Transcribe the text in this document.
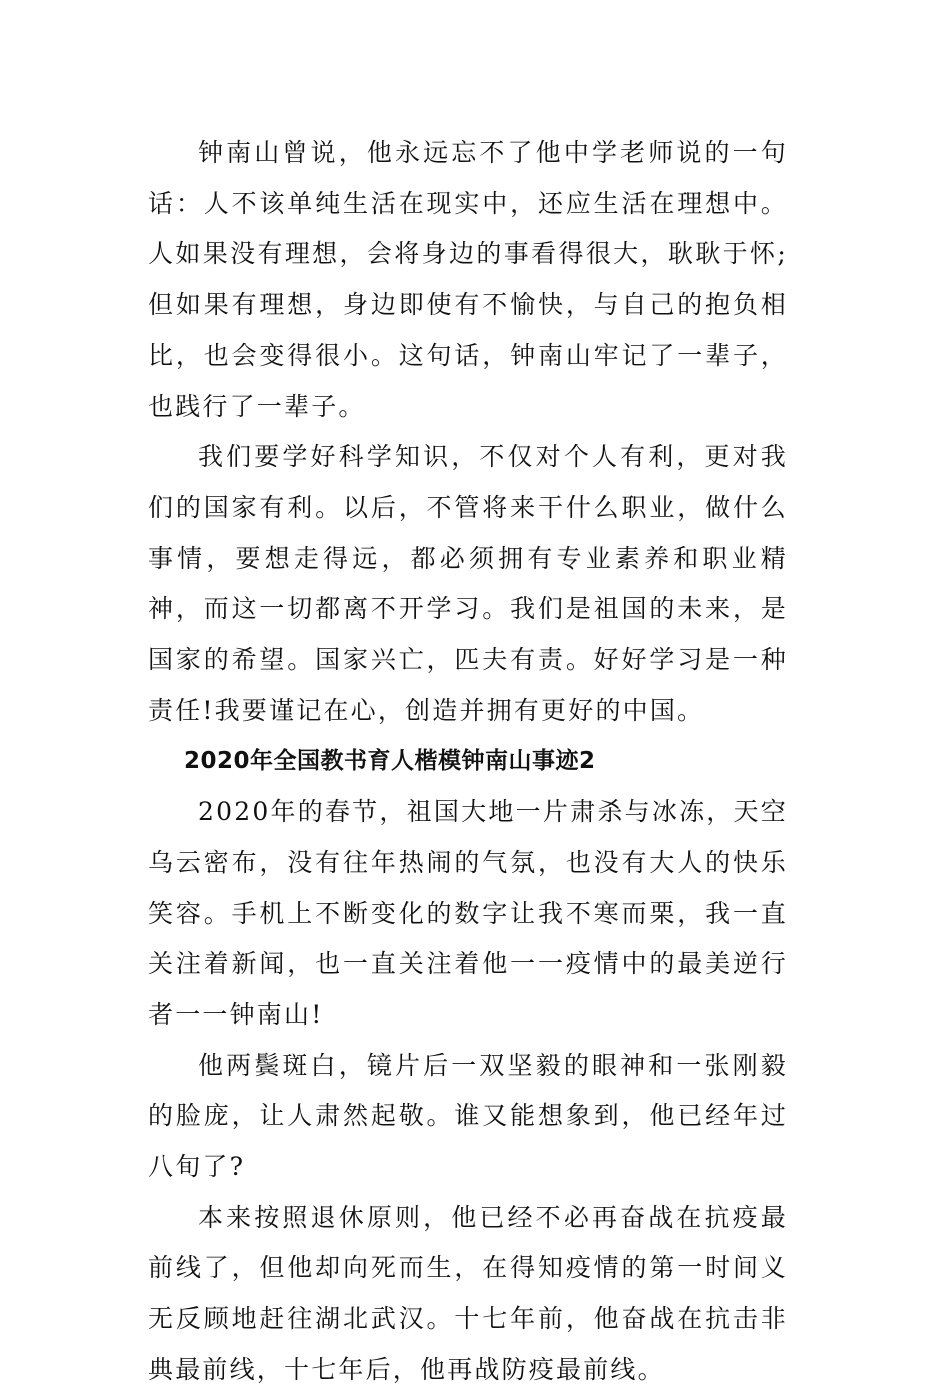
钟南山曾说，他永远忘不了他中学老师说的一句话：人不该单纯生活在现实中，还应生活在理想中。人如果没有理想，会将身边的事看得很大，耿耿于怀;但如果有理想，身边即使有不愉快，与自己的抱负相比，也会变得很小。这句话，钟南山牢记了一辈子，也践行了一辈子。

我们要学好科学知识，不仅对个人有利，更对我们的国家有利。以后，不管将来干什么职业，做什么事情，要想走得远，都必须拥有专业素养和职业精神，而这一切都离不开学习。我们是祖国的未来，是国家的希望。国家兴亡，匹夫有责。好好学习是一种责任!我要谨记在心，创造并拥有更好的中国。

2020年全国教书育人楷模钟南山事迹2

2020年的春节，祖国大地一片肃杀与冰冻，天空乌云密布，没有往年热闹的气氛，也没有大人的快乐笑容。手机上不断变化的数字让我不寒而栗，我一直关注着新闻，也一直关注着他一一疫情中的最美逆行者一一钟南山!

他两鬓斑白，镜片后一双坚毅的眼神和一张刚毅的脸庞，让人肃然起敬。谁又能想象到，他已经年过八旬了?

本来按照退休原则，他已经不必再奋战在抗疫最前线了，但他却向死而生，在得知疫情的第一时间义无反顾地赶往湖北武汉。十七年前，他奋战在抗击非典最前线，十七年后，他再战防疫最前线。
